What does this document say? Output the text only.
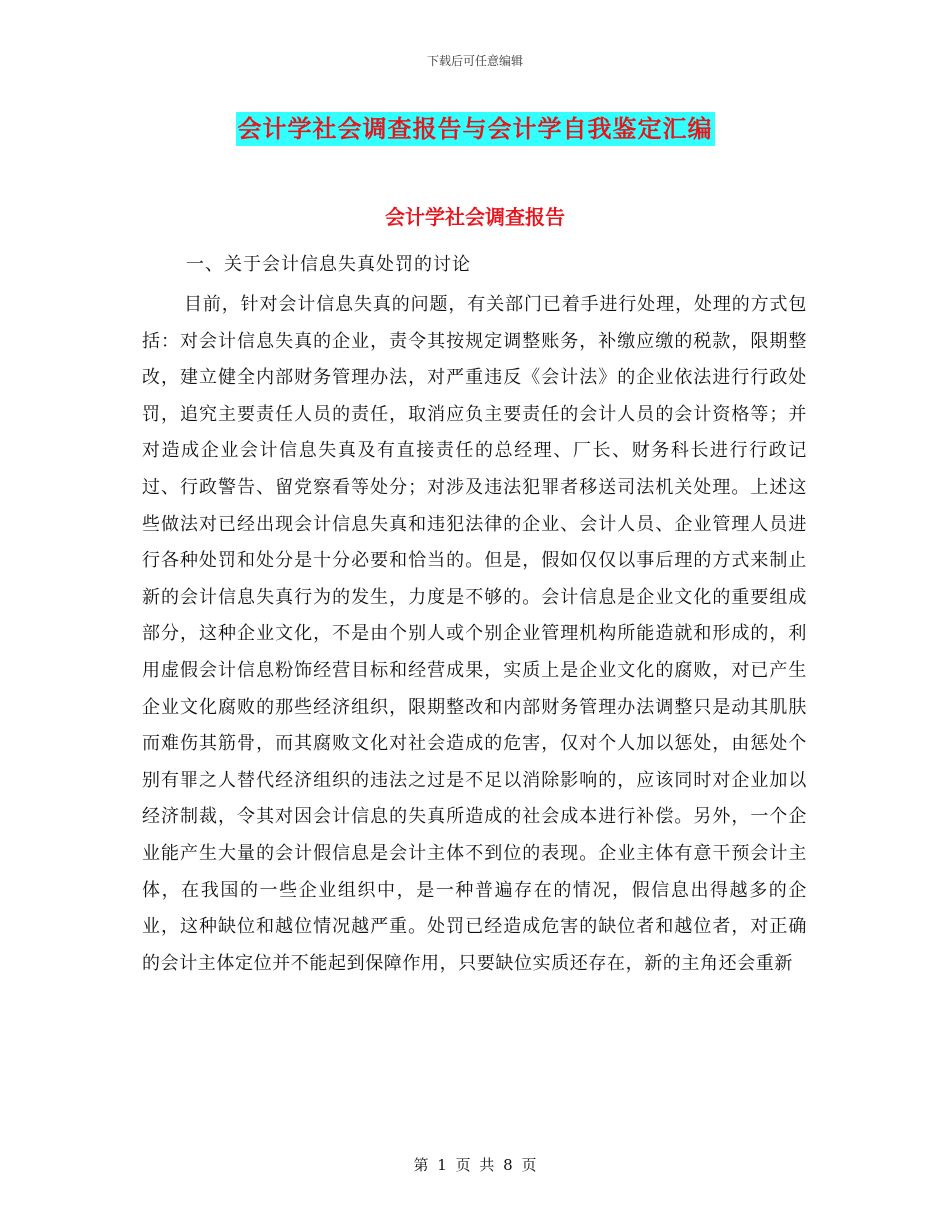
下载后可任意编辑
会计学社会调查报告与会计学自我鉴定汇编
会计学社会调查报告
一、关于会计信息失真处罚的讨论

目前，针对会计信息失真的问题，有关部门已着手进行处理，处理的方式包括：对会计信息失真的企业，责令其按规定调整账务，补缴应缴的税款，限期整改，建立健全内部财务管理办法，对严重违反《会计法》的企业依法进行行政处罚，追究主要责任人员的责任，取消应负主要责任的会计人员的会计资格等；并对造成企业会计信息失真及有直接责任的总经理、厂长、财务科长进行行政记过、行政警告、留党察看等处分；对涉及违法犯罪者移送司法机关处理。上述这些做法对已经出现会计信息失真和违犯法律的企业、会计人员、企业管理人员进行各种处罚和处分是十分必要和恰当的。但是，假如仅仅以事后理的方式来制止新的会计信息失真行为的发生，力度是不够的。会计信息是企业文化的重要组成部分，这种企业文化，不是由个别人或个别企业管理机构所能造就和形成的，利用虚假会计信息粉饰经营目标和经营成果，实质上是企业文化的腐败，对已产生企业文化腐败的那些经济组织，限期整改和内部财务管理办法调整只是动其肌肤而难伤其筋骨，而其腐败文化对社会造成的危害，仅对个人加以惩处，由惩处个别有罪之人替代经济组织的违法之过是不足以消除影响的，应该同时对企业加以经济制裁，令其对因会计信息的失真所造成的社会成本进行补偿。另外，一个企业能产生大量的会计假信息是会计主体不到位的表现。企业主体有意干预会计主体，在我国的一些企业组织中，是一种普遍存在的情况，假信息出得越多的企业，这种缺位和越位情况越严重。处罚已经造成危害的缺位者和越位者，对正确的会计主体定位并不能起到保障作用，只要缺位实质还存在，新的主角还会重新

第 1 页 共 8 页
